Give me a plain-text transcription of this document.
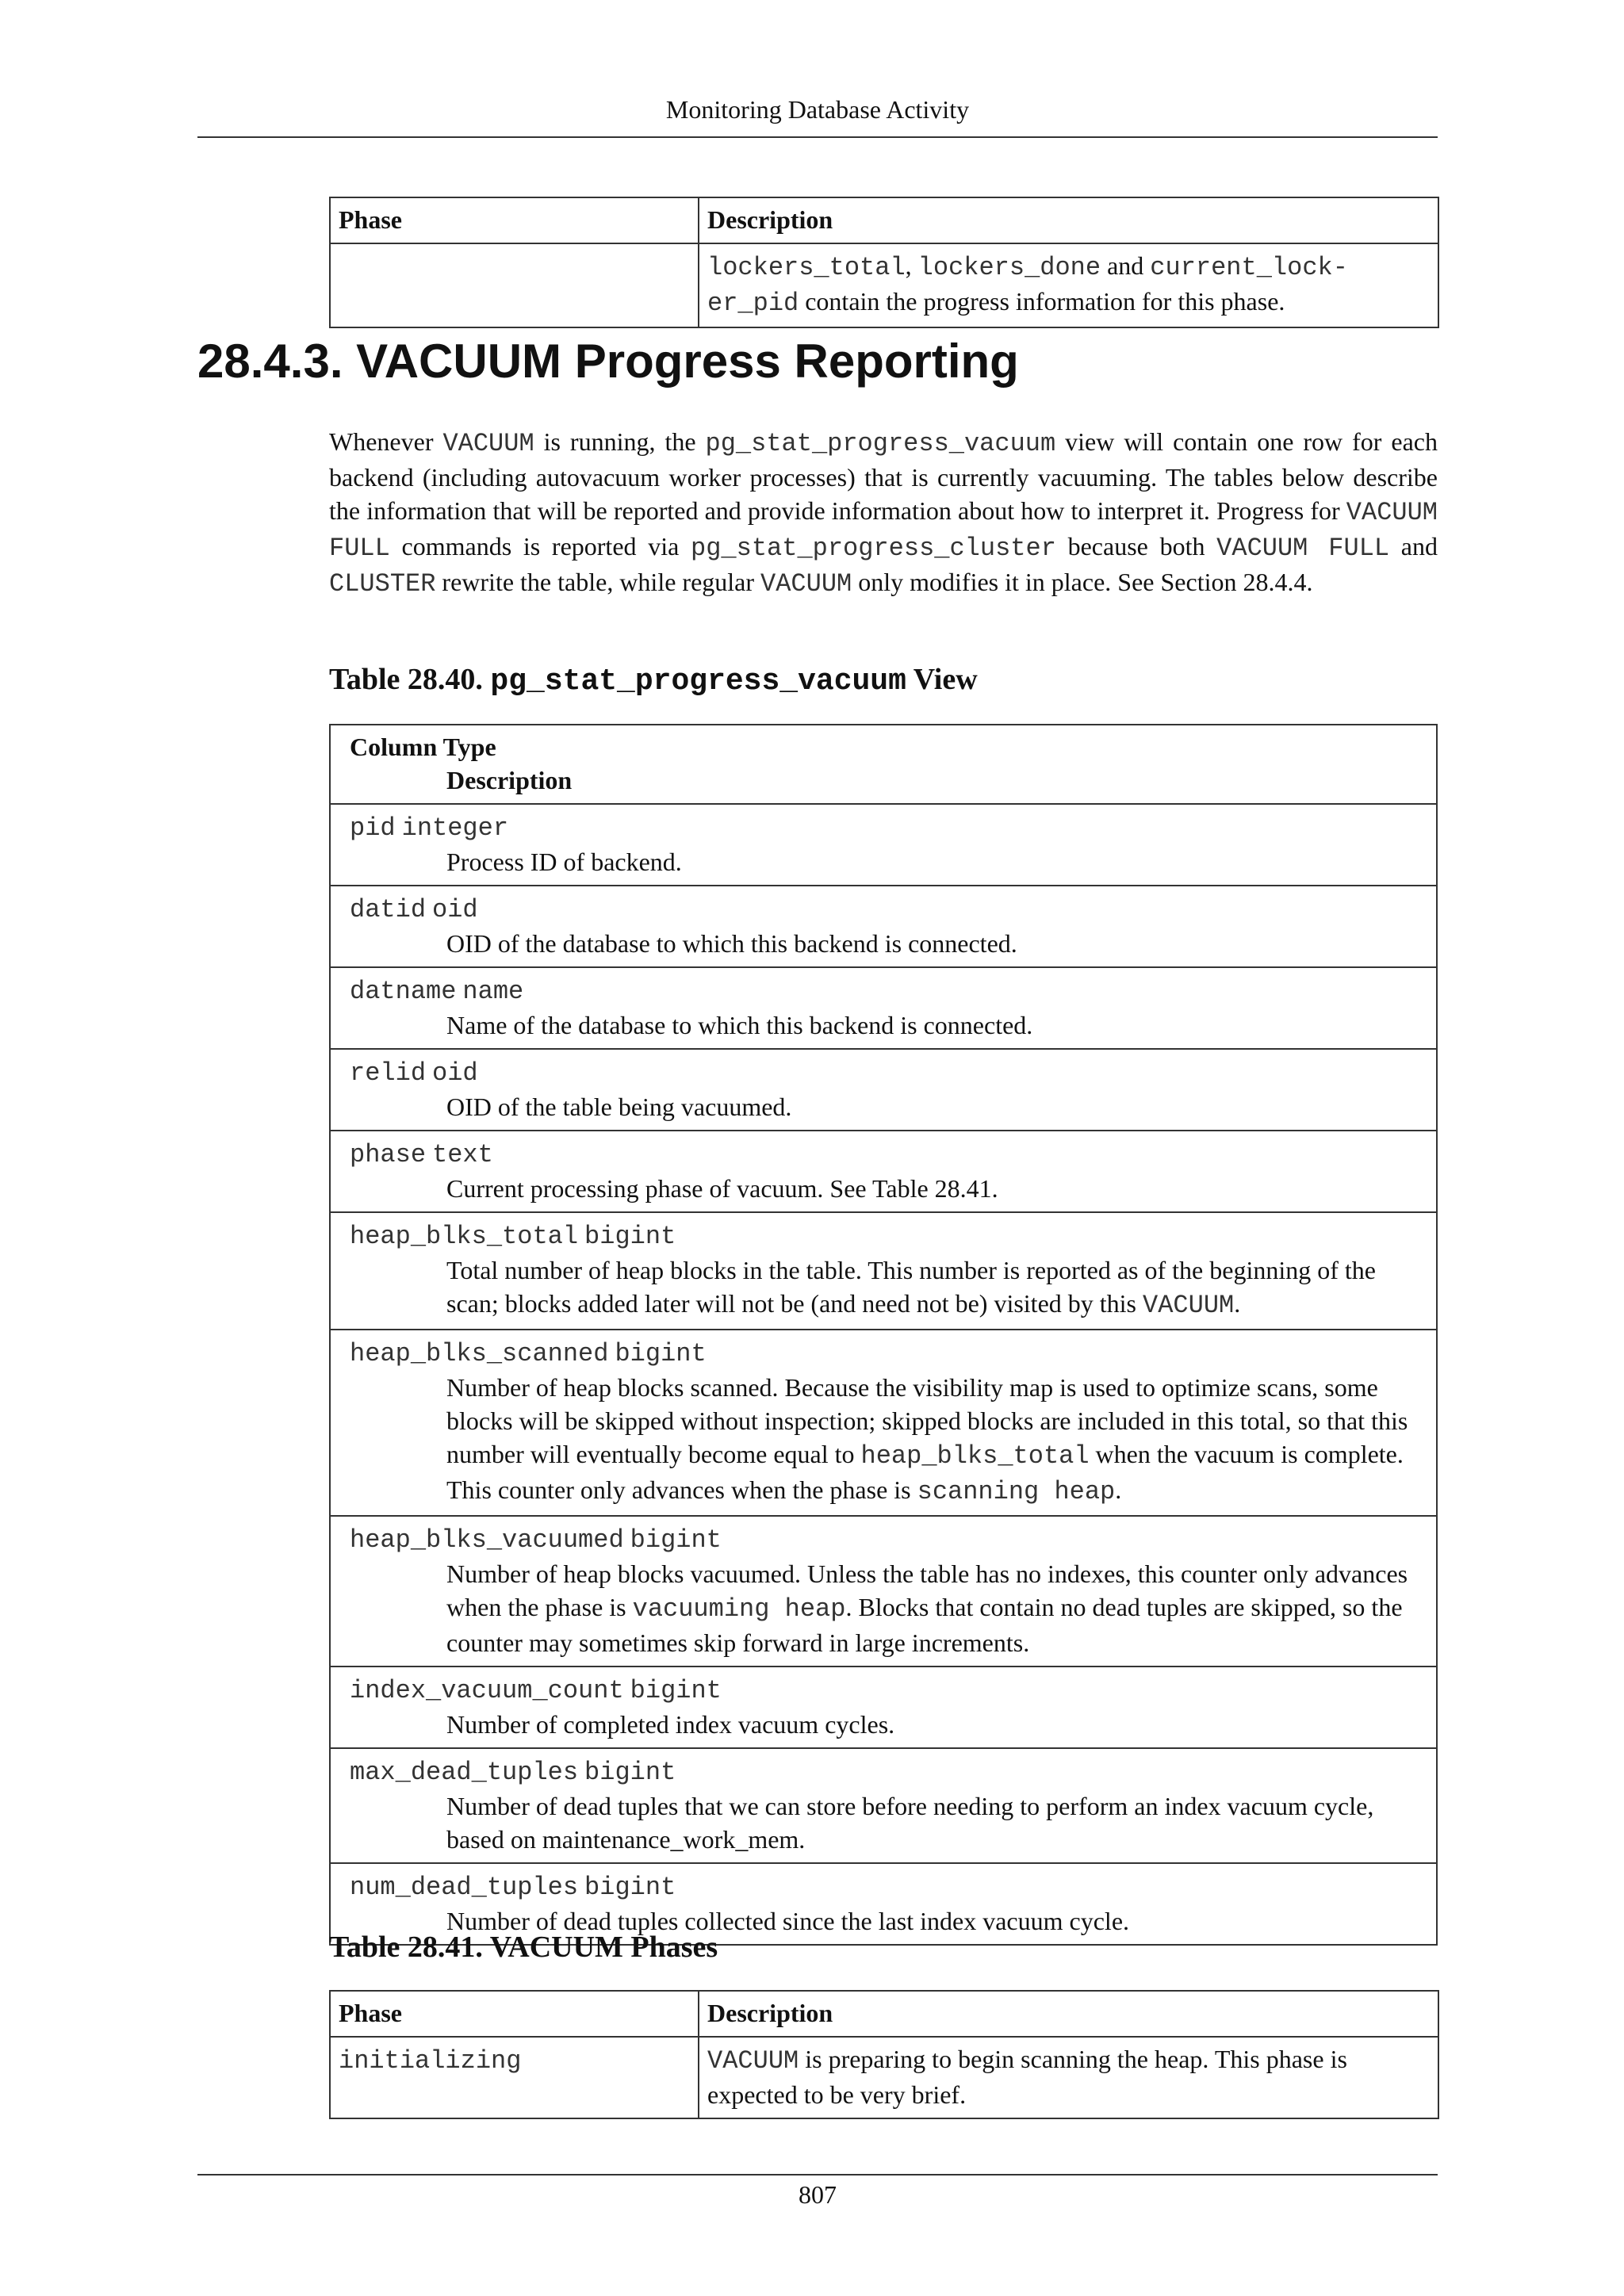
Monitoring Database Activity
Phase	Description
	lockers_total, lockers_done and current_lock-
er_pid contain the progress information for this phase.
28.4.3. VACUUM Progress Reporting

Whenever VACUUM is running, the pg_stat_progress_vacuum view will contain one row for each backend (including autovacuum worker processes) that is currently vacuuming. The tables below describe the information that will be reported and provide information about how to interpret it. Progress for VACUUM FULL commands is reported via pg_stat_progress_cluster because both VACUUM FULL and CLUSTER rewrite the table, while regular VACUUM only modifies it in place. See Section 28.4.4.

Table 28.40. pg_stat_progress_vacuum View
Column Type
Description

pid integer
Process ID of backend.

datid oid
OID of the database to which this backend is connected.

datname name
Name of the database to which this backend is connected.

relid oid
OID of the table being vacuumed.

phase text
Current processing phase of vacuum. See Table 28.41.

heap_blks_total bigint
Total number of heap blocks in the table. This number is reported as of the beginning of the scan; blocks added later will not be (and need not be) visited by this VACUUM.

heap_blks_scanned bigint
Number of heap blocks scanned. Because the visibility map is used to optimize scans, some blocks will be skipped without inspection; skipped blocks are included in this total, so that this number will eventually become equal to heap_blks_total when the vacuum is complete. This counter only advances when the phase is scanning heap.

heap_blks_vacuumed bigint
Number of heap blocks vacuumed. Unless the table has no indexes, this counter only advances when the phase is vacuuming heap. Blocks that contain no dead tuples are skipped, so the counter may sometimes skip forward in large increments.

index_vacuum_count bigint
Number of completed index vacuum cycles.

max_dead_tuples bigint
Number of dead tuples that we can store before needing to perform an index vacuum cycle, based on maintenance_work_mem.

num_dead_tuples bigint
Number of dead tuples collected since the last index vacuum cycle.
Table 28.41. VACUUM Phases
Phase	Description
initializing	VACUUM is preparing to begin scanning the heap. This phase is expected to be very brief.
807
